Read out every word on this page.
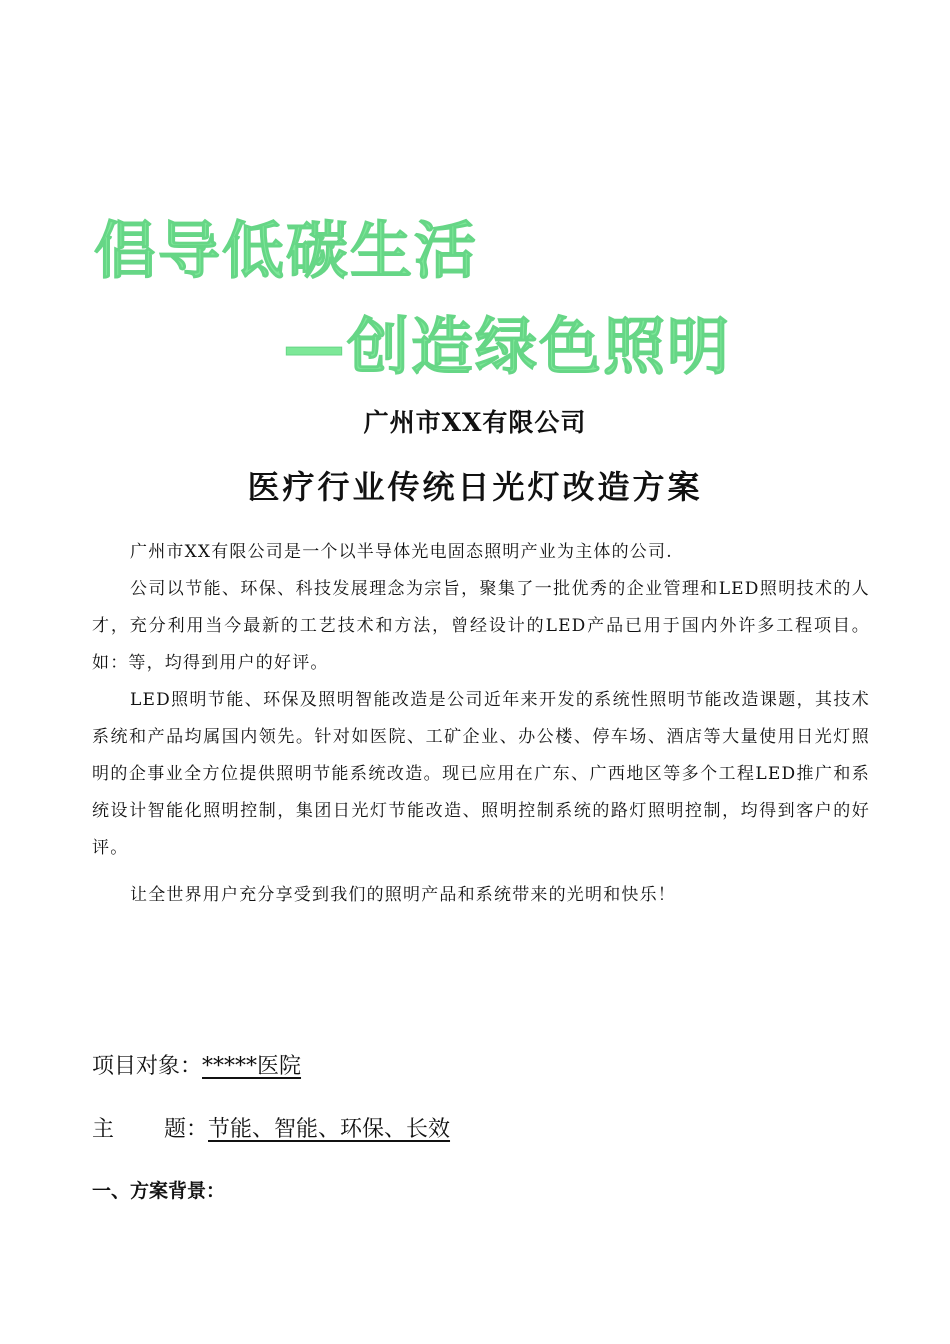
倡导低碳生活
—创造绿色照明
广州市XX有限公司
医疗行业传统日光灯改造方案

广州市XX有限公司是一个以半导体光电固态照明产业为主体的公司.

公司以节能、环保、科技发展理念为宗旨，聚集了一批优秀的企业管理和LED照明技术的人才，充分利用当今最新的工艺技术和方法，曾经设计的LED产品已用于国内外许多工程项目。如：等，均得到用户的好评。

LED照明节能、环保及照明智能改造是公司近年来开发的系统性照明节能改造课题，其技术系统和产品均属国内领先。针对如医院、工矿企业、办公楼、停车场、酒店等大量使用日光灯照明的企事业全方位提供照明节能系统改造。现已应用在广东、广西地区等多个工程LED推广和系统设计智能化照明控制，集团日光灯节能改造、照明控制系统的路灯照明控制，均得到客户的好评。

让全世界用户充分享受到我们的照明产品和系统带来的光明和快乐！

项目对象：*****医院
主 题：节能、智能、环保、长效
一、方案背景：
